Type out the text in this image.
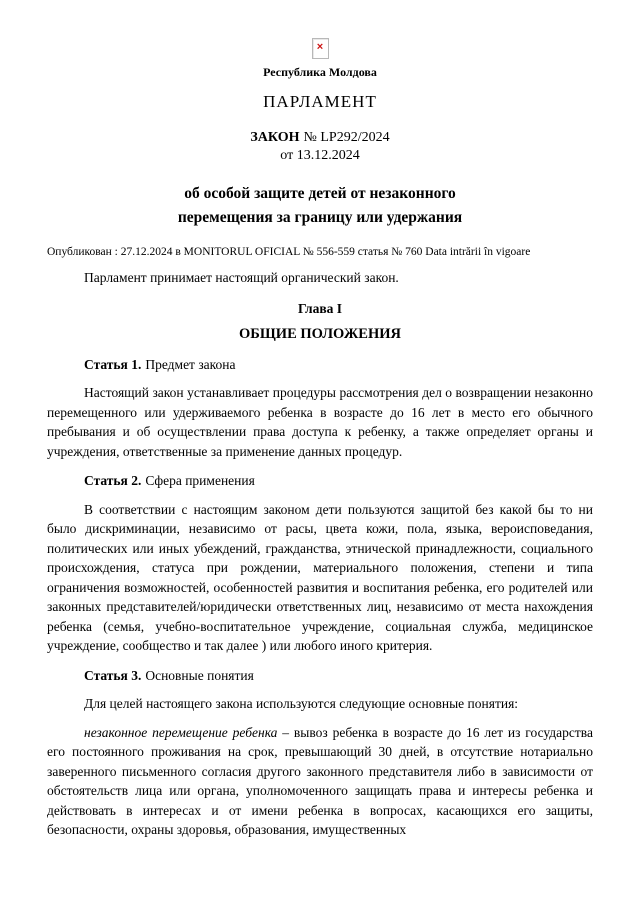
×
Республика Молдова
ПАРЛАМЕНТ
ЗАКОН № LP292/2024
от 13.12.2024
об особой защите детей от незаконного
перемещения за границу или удержания
Опубликован : 27.12.2024 в MONITORUL OFICIAL № 556-559 статья № 760 Data intrării în vigoare

Парламент принимает настоящий органический закон.

Глава I
ОБЩИЕ ПОЛОЖЕНИЯ

Статья 1. Предмет закона

Настоящий закон устанавливает процедуры рассмотрения дел о возвращении незаконно перемещенного или удерживаемого ребенка в возрасте до 16 лет в место его обычного пребывания и об осуществлении права доступа к ребенку, а также определяет органы и учреждения, ответственные за применение данных процедур.

Статья 2. Сфера применения

В соответствии с настоящим законом дети пользуются защитой без какой бы то ни было дискриминации, независимо от расы, цвета кожи, пола, языка, вероисповедания, политических или иных убеждений, гражданства, этнической принадлежности, социального происхождения, статуса при рождении, материального положения, степени и типа ограничения возможностей, особенностей развития и воспитания ребенка, его родителей или законных представителей/юридически ответственных лиц, независимо от места нахождения ребенка (семья, учебно-воспитательное учреждение, социальная служба, медицинское учреждение, сообщество и так далее ) или любого иного критерия.

Статья 3. Основные понятия

Для целей настоящего закона используются следующие основные понятия:

незаконное перемещение ребенка – вывоз ребенка в возрасте до 16 лет из государства его постоянного проживания на срок, превышающий 30 дней, в отсутствие нотариально заверенного письменного согласия другого законного представителя либо в зависимости от обстоятельств лица или органа, уполномоченного защищать права и интересы ребенка и действовать в интересах и от имени ребенка в вопросах, касающихся его защиты, безопасности, охраны здоровья, образования, имущественных
